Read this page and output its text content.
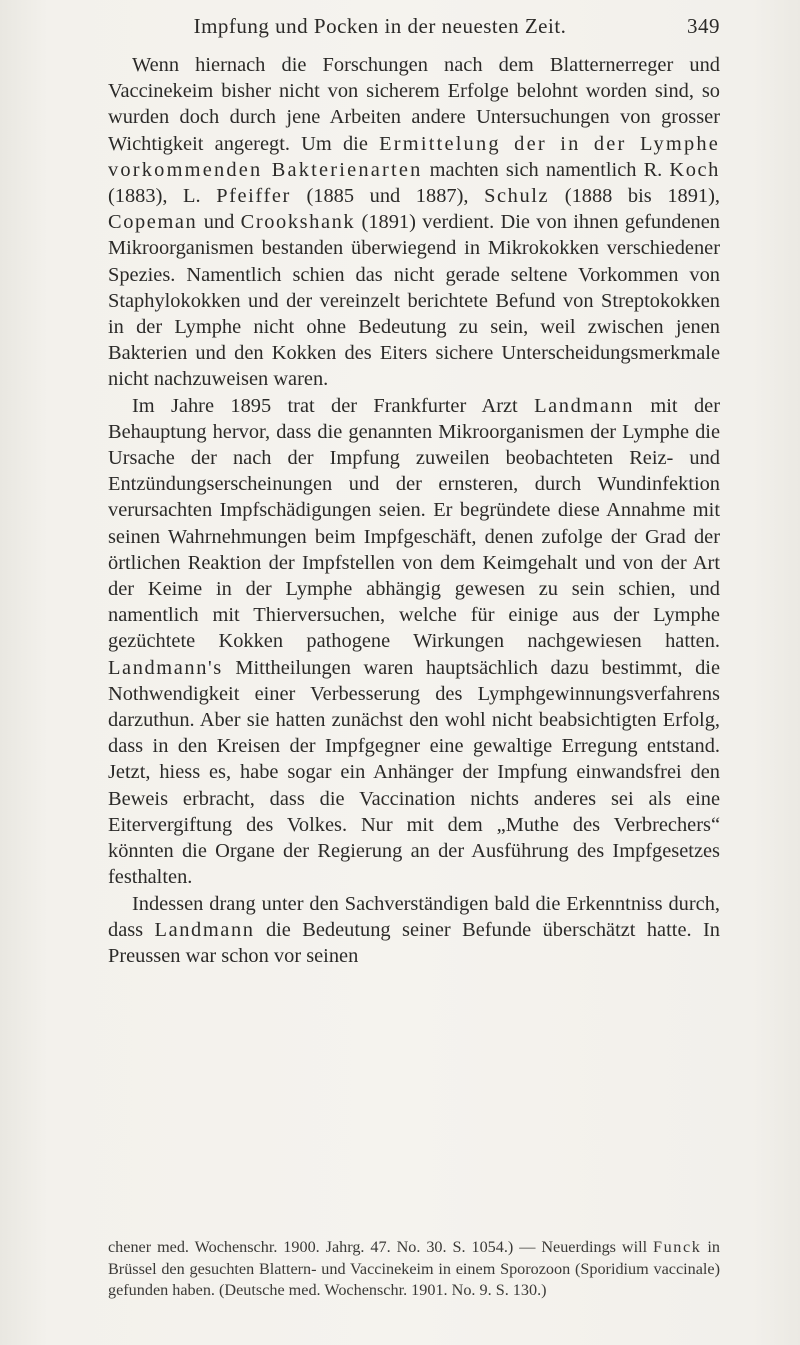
Impfung und Pocken in der neuesten Zeit.	349

Wenn hiernach die Forschungen nach dem Blatternerreger und Vaccinekeim bisher nicht von sicherem Erfolge belohnt worden sind, so wurden doch durch jene Arbeiten andere Untersuchungen von grosser Wichtigkeit angeregt. Um die Ermittelung der in der Lymphe vorkommenden Bakterienarten machten sich namentlich R. Koch (1883), L. Pfeiffer (1885 und 1887), Schulz (1888 bis 1891), Copeman und Crookshank (1891) verdient. Die von ihnen gefundenen Mikroorganismen bestanden überwiegend in Mikrokokken verschiedener Spezies. Namentlich schien das nicht gerade seltene Vorkommen von Staphylokokken und der vereinzelt berichtete Befund von Streptokokken in der Lymphe nicht ohne Bedeutung zu sein, weil zwischen jenen Bakterien und den Kokken des Eiters sichere Unterscheidungsmerkmale nicht nachzuweisen waren.

Im Jahre 1895 trat der Frankfurter Arzt Landmann mit der Behauptung hervor, dass die genannten Mikroorganismen der Lymphe die Ursache der nach der Impfung zuweilen beobachteten Reiz- und Entzündungserscheinungen und der ernsteren, durch Wundinfektion verursachten Impfschädigungen seien. Er begründete diese Annahme mit seinen Wahrnehmungen beim Impfgeschäft, denen zufolge der Grad der örtlichen Reaktion der Impfstellen von dem Keimgehalt und von der Art der Keime in der Lymphe abhängig gewesen zu sein schien, und namentlich mit Thierversuchen, welche für einige aus der Lymphe gezüchtete Kokken pathogene Wirkungen nachgewiesen hatten. Landmann's Mittheilungen waren hauptsächlich dazu bestimmt, die Nothwendigkeit einer Verbesserung des Lymphgewinnungsverfahrens darzuthun. Aber sie hatten zunächst den wohl nicht beabsichtigten Erfolg, dass in den Kreisen der Impfgegner eine gewaltige Erregung entstand. Jetzt, hiess es, habe sogar ein Anhänger der Impfung einwandsfrei den Beweis erbracht, dass die Vaccination nichts anderes sei als eine Eitervergiftung des Volkes. Nur mit dem „Muthe des Verbrechers“ könnten die Organe der Regierung an der Ausführung des Impfgesetzes festhalten.

Indessen drang unter den Sachverständigen bald die Erkenntniss durch, dass Landmann die Bedeutung seiner Befunde überschätzt hatte. In Preussen war schon vor seinen

chener med. Wochenschr. 1900. Jahrg. 47. No. 30. S. 1054.) — Neuerdings will Funck in Brüssel den gesuchten Blattern- und Vaccinekeim in einem Sporozoon (Sporidium vaccinale) gefunden haben. (Deutsche med. Wochenschr. 1901. No. 9. S. 130.)
